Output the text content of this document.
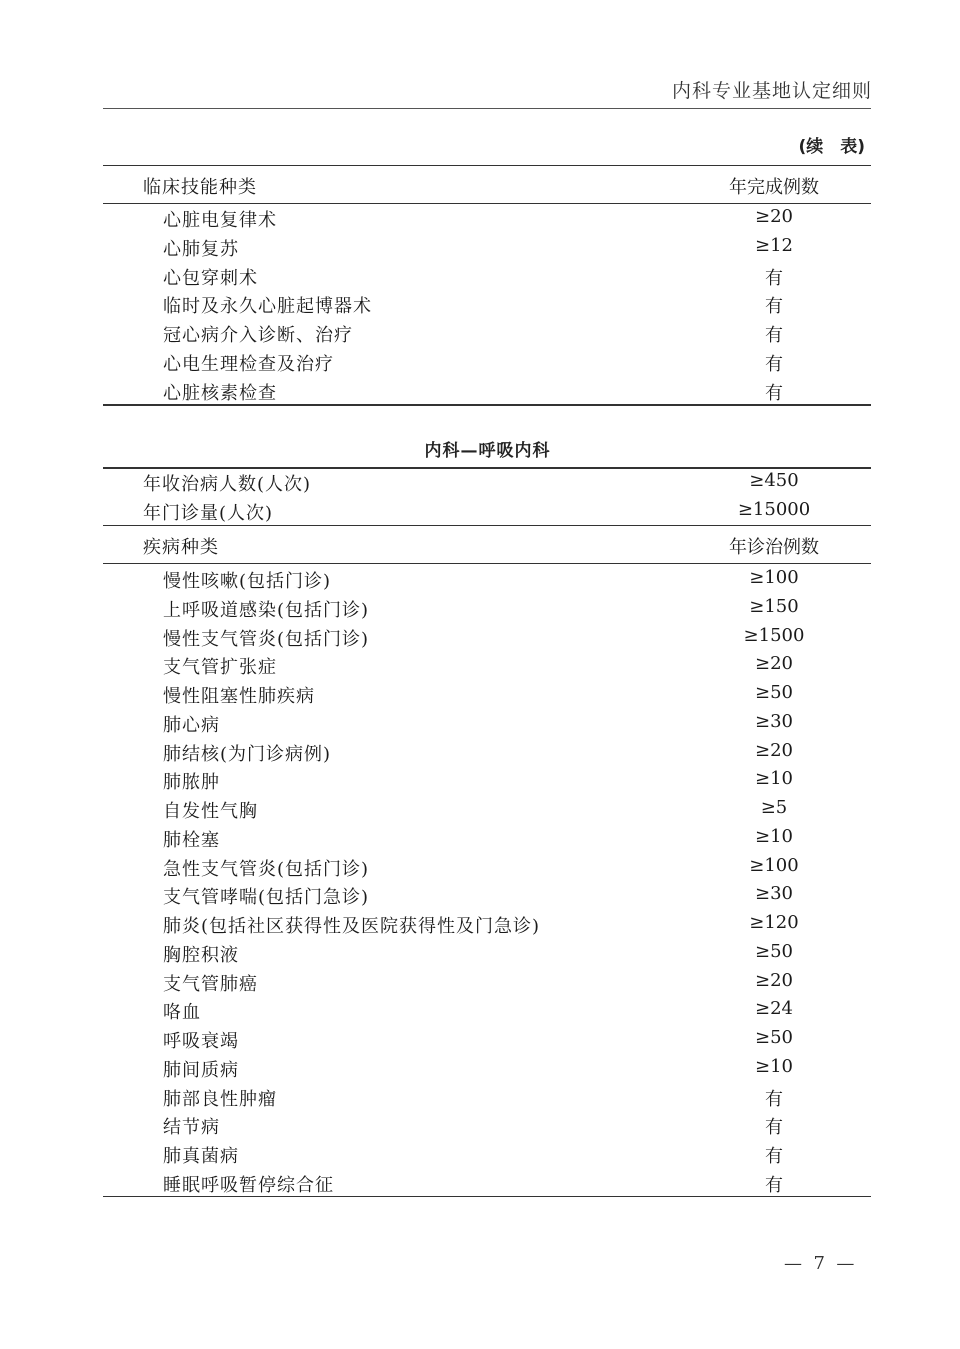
内科专业基地认定细则
(续　表)
临床技能种类	年完成例数
心脏电复律术	≥20
心肺复苏	≥12
心包穿刺术	有
临时及永久心脏起博器术	有
冠心病介入诊断、治疗	有
心电生理检查及治疗	有
心脏核素检查	有
内科—呼吸内科
年收治病人数(人次)	≥450
年门诊量(人次)	≥15000
疾病种类	年诊治例数
慢性咳嗽(包括门诊)	≥100
上呼吸道感染(包括门诊)	≥150
慢性支气管炎(包括门诊)	≥1500
支气管扩张症	≥20
慢性阻塞性肺疾病	≥50
肺心病	≥30
肺结核(为门诊病例)	≥20
肺脓肿	≥10
自发性气胸	≥5
肺栓塞	≥10
急性支气管炎(包括门诊)	≥100
支气管哮喘(包括门急诊)	≥30
肺炎(包括社区获得性及医院获得性及门急诊)	≥120
胸腔积液	≥50
支气管肺癌	≥20
咯血	≥24
呼吸衰竭	≥50
肺间质病	≥10
肺部良性肿瘤	有
结节病	有
肺真菌病	有
睡眠呼吸暂停综合征	有
—  7  —
